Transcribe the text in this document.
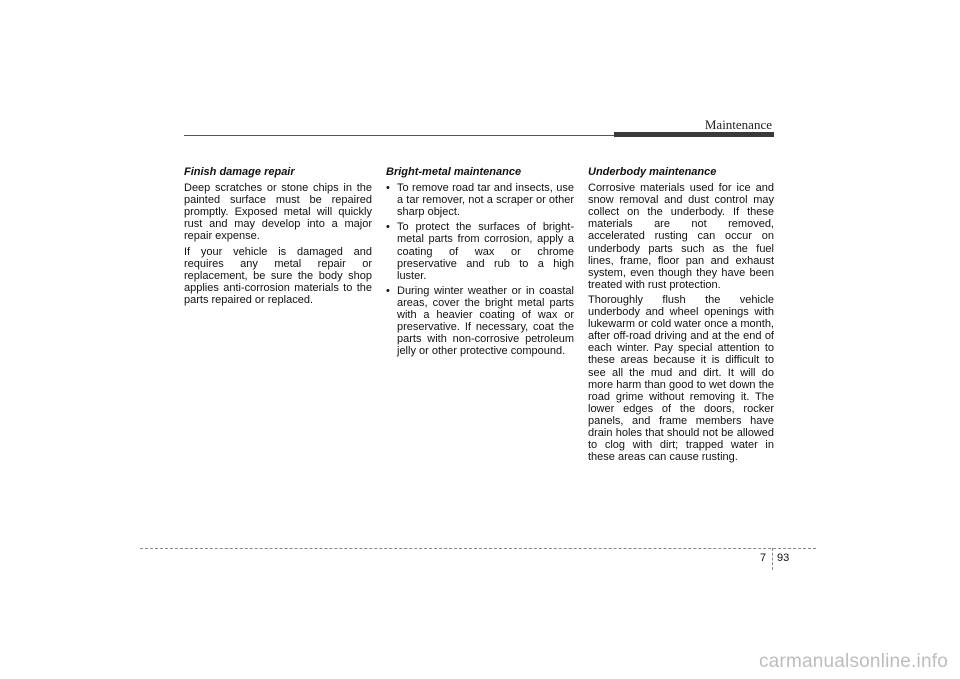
Maintenance

Finish damage repair

Deep scratches or stone chips in the painted surface must be repaired promptly. Exposed metal will quickly rust and may develop into a major repair expense.

If your vehicle is damaged and requires any metal repair or replacement, be sure the body shop applies anti-corrosion materials to the parts repaired or replaced.

Bright-metal maintenance

• To remove road tar and insects, use a tar remover, not a scraper or other sharp object.
• To protect the surfaces of bright-metal parts from corrosion, apply a coating of wax or chrome preservative and rub to a high luster.
• During winter weather or in coastal areas, cover the bright metal parts with a heavier coating of wax or preservative. If necessary, coat the parts with non-corrosive petroleum jelly or other protective compound.

Underbody maintenance

Corrosive materials used for ice and snow removal and dust control may collect on the underbody. If these materials are not removed, accelerated rusting can occur on underbody parts such as the fuel lines, frame, floor pan and exhaust system, even though they have been treated with rust protection.

Thoroughly flush the vehicle underbody and wheel openings with lukewarm or cold water once a month, after off-road driving and at the end of each winter. Pay special attention to these areas because it is difficult to see all the mud and dirt. It will do more harm than good to wet down the road grime without removing it. The lower edges of the doors, rocker panels, and frame members have drain holes that should not be allowed to clog with dirt; trapped water in these areas can cause rusting.

7 93
carmanualsonline.info
